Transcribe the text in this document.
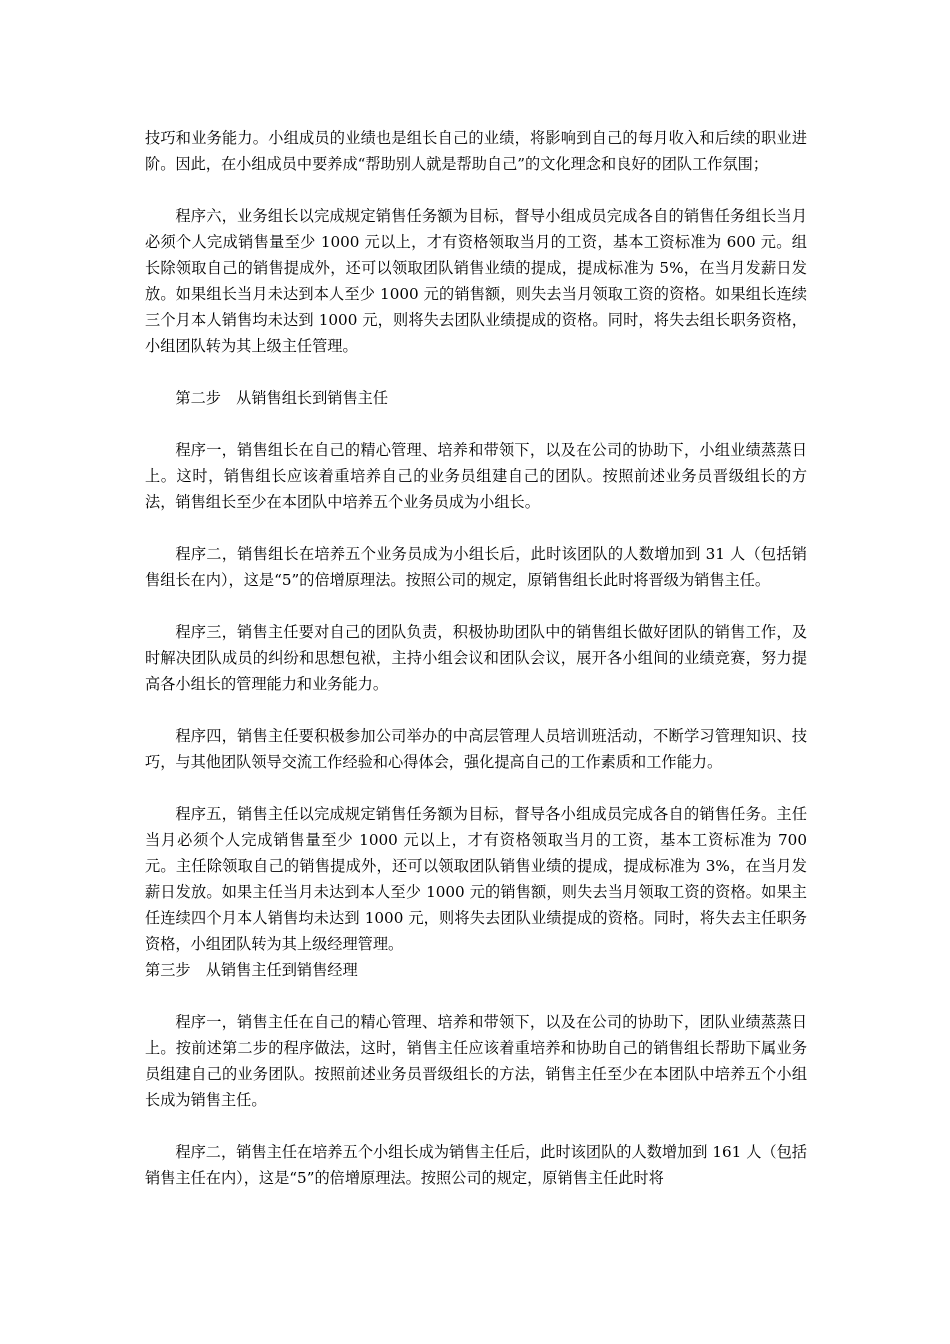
技巧和业务能力。小组成员的业绩也是组长自己的业绩，将影响到自己的每月收入和后续的职业进阶。因此，在小组成员中要养成“帮助别人就是帮助自己”的文化理念和良好的团队工作氛围；

程序六，业务组长以完成规定销售任务额为目标，督导小组成员完成各自的销售任务组长当月必须个人完成销售量至少 1000 元以上，才有资格领取当月的工资，基本工资标准为 600 元。组长除领取自己的销售提成外，还可以领取团队销售业绩的提成，提成标准为 5%，在当月发薪日发放。如果组长当月未达到本人至少 1000 元的销售额，则失去当月领取工资的资格。如果组长连续三个月本人销售均未达到 1000 元，则将失去团队业绩提成的资格。同时，将失去组长职务资格，小组团队转为其上级主任管理。

第二步　从销售组长到销售主任

程序一，销售组长在自己的精心管理、培养和带领下，以及在公司的协助下，小组业绩蒸蒸日上。这时，销售组长应该着重培养自己的业务员组建自己的团队。按照前述业务员晋级组长的方法，销售组长至少在本团队中培养五个业务员成为小组长。

程序二，销售组长在培养五个业务员成为小组长后，此时该团队的人数增加到 31 人（包括销售组长在内），这是“5”的倍增原理法。按照公司的规定，原销售组长此时将晋级为销售主任。

程序三，销售主任要对自己的团队负责，积极协助团队中的销售组长做好团队的销售工作，及时解决团队成员的纠纷和思想包袱，主持小组会议和团队会议，展开各小组间的业绩竞赛，努力提高各小组长的管理能力和业务能力。

程序四，销售主任要积极参加公司举办的中高层管理人员培训班活动，不断学习管理知识、技巧，与其他团队领导交流工作经验和心得体会，强化提高自己的工作素质和工作能力。

程序五，销售主任以完成规定销售任务额为目标，督导各小组成员完成各自的销售任务。主任当月必须个人完成销售量至少 1000 元以上，才有资格领取当月的工资，基本工资标准为 700 元。主任除领取自己的销售提成外，还可以领取团队销售业绩的提成，提成标准为 3%，在当月发薪日发放。如果主任当月未达到本人至少 1000 元的销售额，则失去当月领取工资的资格。如果主任连续四个月本人销售均未达到 1000 元，则将失去团队业绩提成的资格。同时，将失去主任职务资格，小组团队转为其上级经理管理。

第三步　从销售主任到销售经理

程序一，销售主任在自己的精心管理、培养和带领下，以及在公司的协助下，团队业绩蒸蒸日上。按前述第二步的程序做法，这时，销售主任应该着重培养和协助自己的销售组长帮助下属业务员组建自己的业务团队。按照前述业务员晋级组长的方法，销售主任至少在本团队中培养五个小组长成为销售主任。

程序二，销售主任在培养五个小组长成为销售主任后，此时该团队的人数增加到 161 人（包括销售主任在内），这是“5”的倍增原理法。按照公司的规定，原销售主任此时将
